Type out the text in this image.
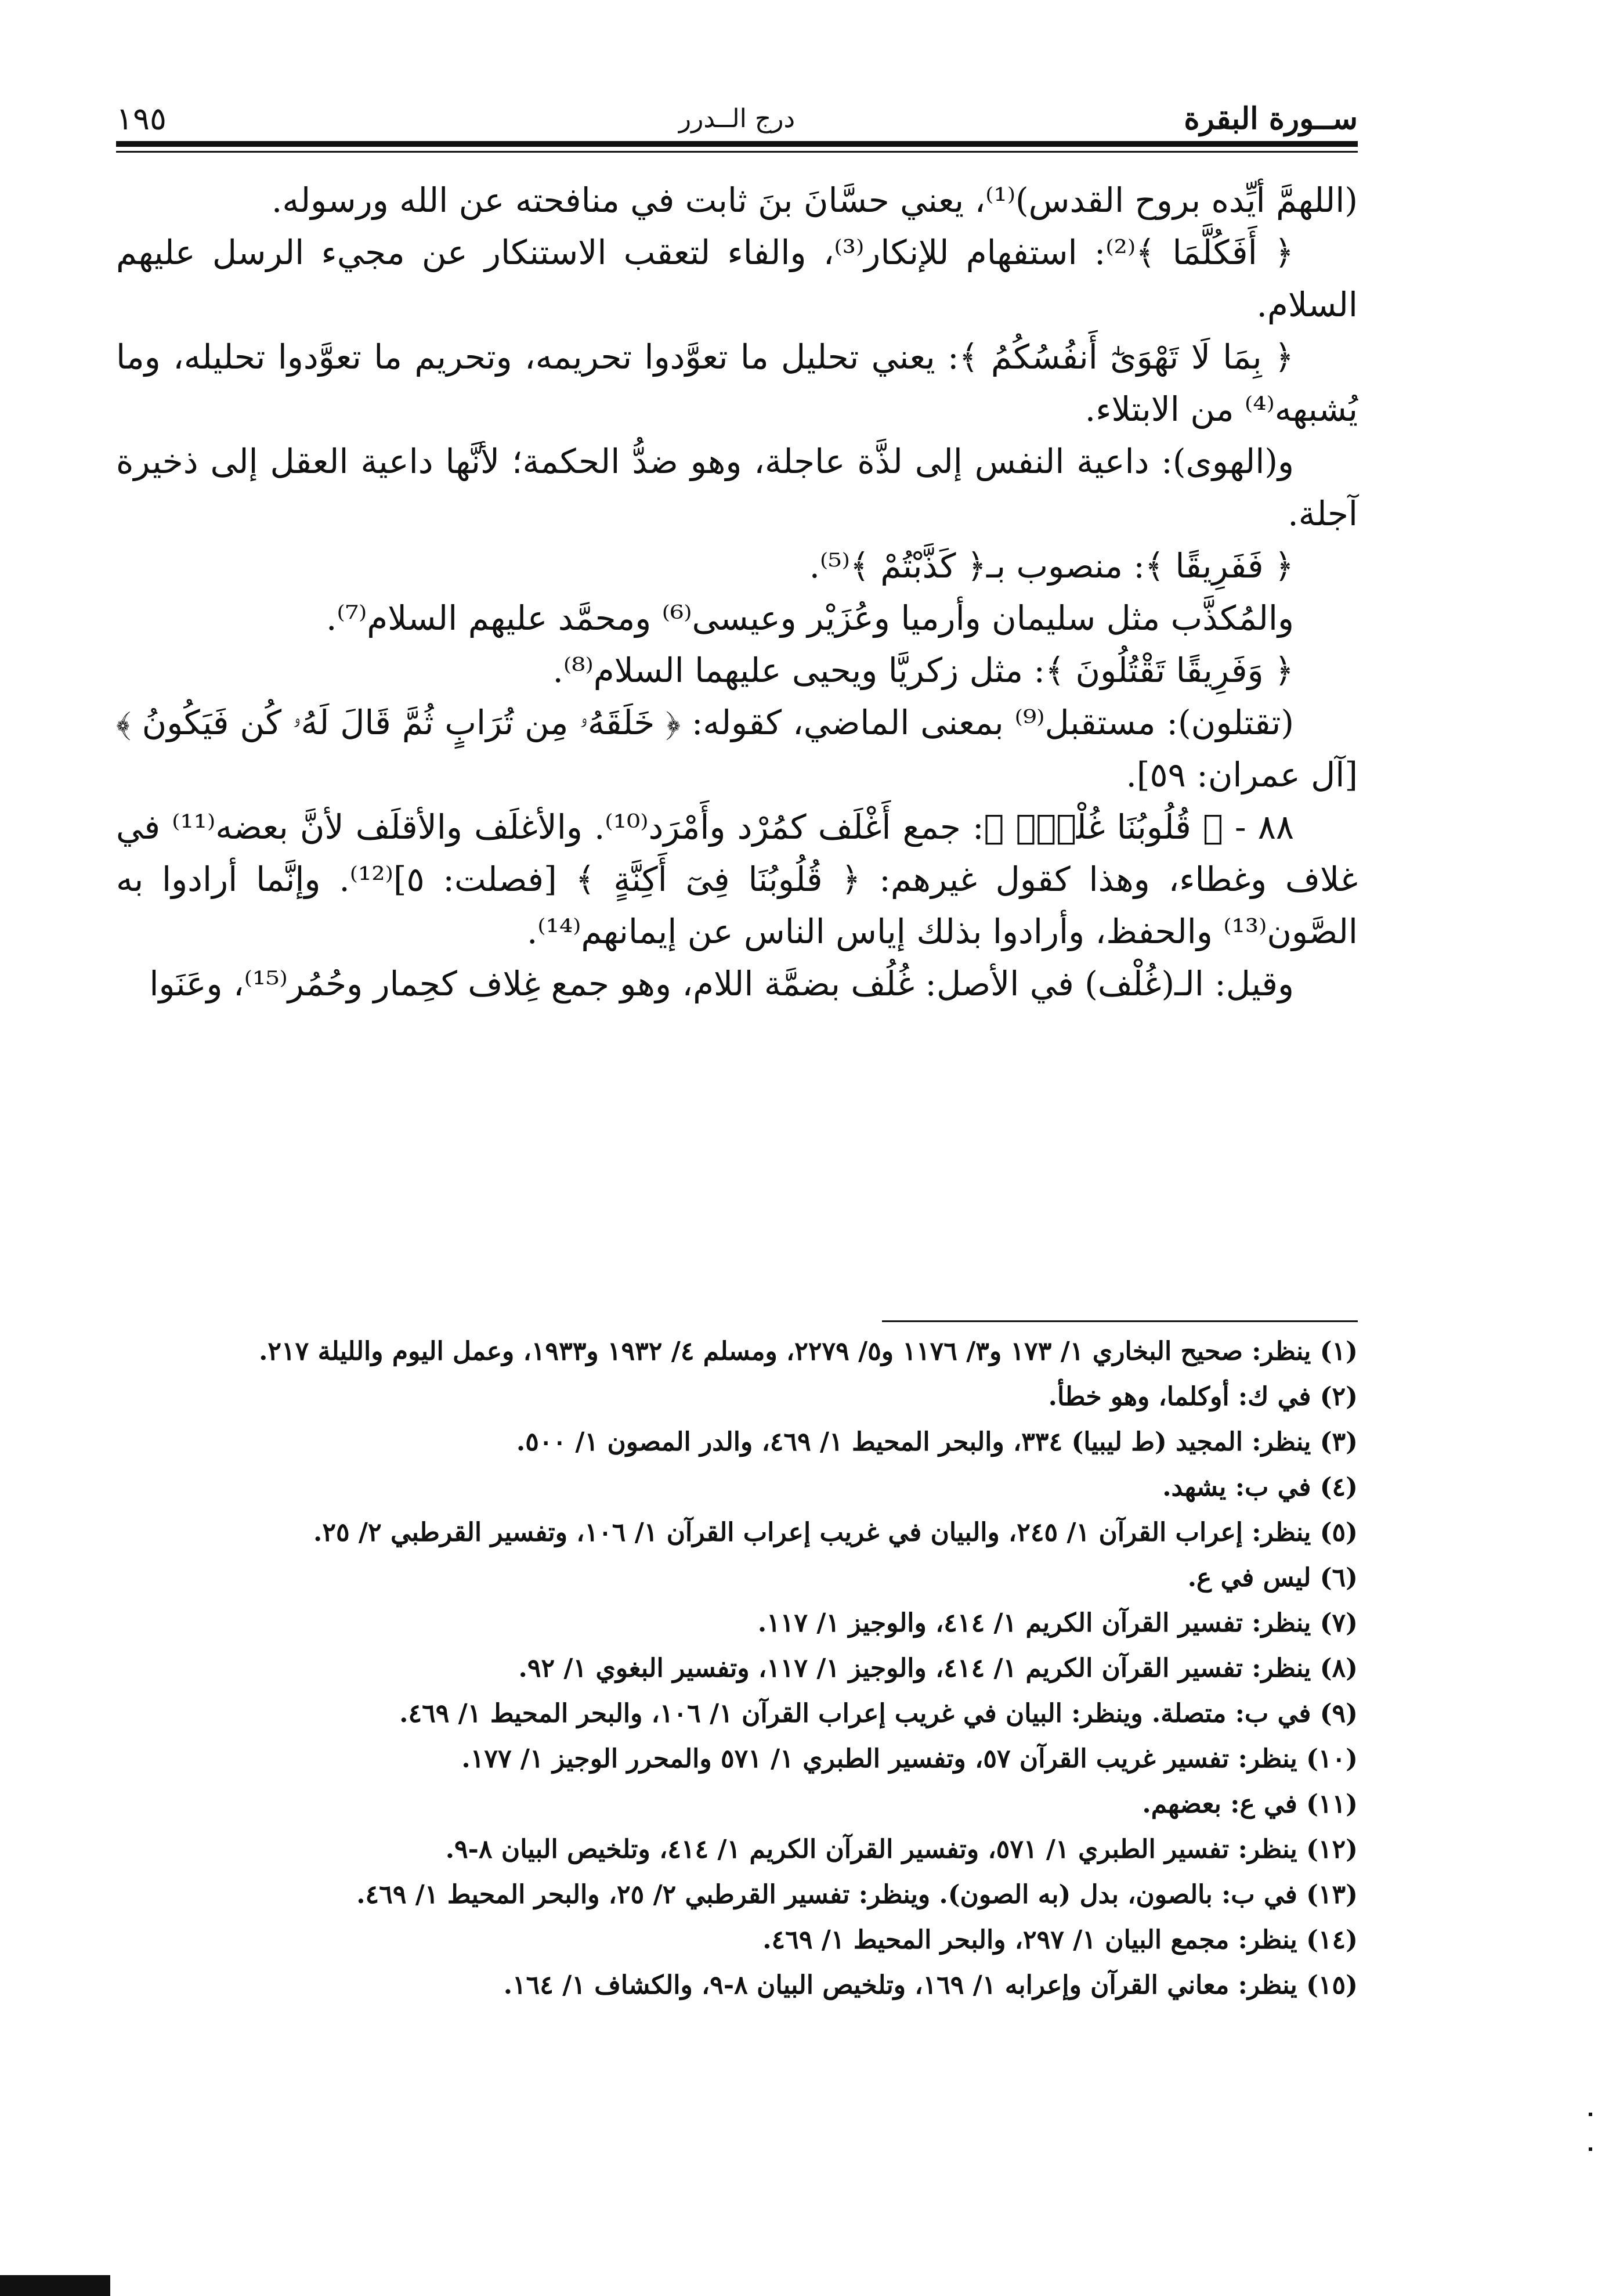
ســورة البقرة
درج الــدرر
١٩٥

(اللهمَّ أيِّده بروح القدس)⁽¹⁾، يعني حسَّانَ بنَ ثابت في منافحته عن الله ورسوله.

﴿ أَفَكُلَّمَا ﴾⁽²⁾: استفهام للإنكار⁽³⁾، والفاء لتعقب الاستنكار عن مجيء الرسل عليهم السلام.

﴿ بِمَا لَا تَهْوَىٰٓ أَنفُسُكُمُ ﴾: يعني تحليل ما تعوَّدوا تحريمه، وتحريم ما تعوَّدوا تحليله، وما يُشبهه⁽⁴⁾ من الابتلاء.

و(الهوى): داعية النفس إلى لذَّة عاجلة، وهو ضدُّ الحكمة؛ لأنَّها داعية العقل إلى ذخيرة آجلة.

﴿ فَفَرِيقًا ﴾: منصوب بـ﴿ كَذَّبْتُمْ ﴾⁽⁵⁾.

والمُكذَّب مثل سليمان وأرميا وعُزَيْر وعيسى⁽⁶⁾ ومحمَّد عليهم السلام⁽⁷⁾.

﴿ وَفَرِيقًا تَقْتُلُونَ ﴾: مثل زكريَّا ويحيى عليهما السلام⁽⁸⁾.

(تقتلون): مستقبل⁽⁹⁾ بمعنى الماضي، كقوله: ﴿ خَلَقَهُۥ مِن تُرَابٍ ثُمَّ قَالَ لَهُۥ كُن فَيَكُونُ ﴾ [آل عمران: ٥٩].

٨٨ - ﴿ قُلُوبُنَا غُلْفٌۢ ﴾: جمع أَغْلَف كمُرْد وأَمْرَد⁽¹⁰⁾. والأغلَف والأقلَف لأنَّ بعضه⁽¹¹⁾ في غلاف وغطاء، وهذا كقول غيرهم: ﴿ قُلُوبُنَا فِىٓ أَكِنَّةٍ ﴾ [فصلت: ٥]⁽¹²⁾. وإنَّما أرادوا به الصَّون⁽¹³⁾ والحفظ، وأرادوا بذلك إياس الناس عن إيمانهم⁽¹⁴⁾.

وقيل: الـ(غُلْف) في الأصل: غُلُف بضمَّة اللام، وهو جمع غِلاف كحِمار وحُمُر⁽¹⁵⁾، وعَنَوا

(١) ينظر: صحيح البخاري ١/ ١٧٣ و٣/ ١١٧٦ و٥/ ٢٢٧٩، ومسلم ٤/ ١٩٣٢ و١٩٣٣، وعمل اليوم والليلة ٢١٧.
(٢) في ك: أوكلما، وهو خطأ.
(٣) ينظر: المجيد (ط ليبيا) ٣٣٤، والبحر المحيط ١/ ٤٦٩، والدر المصون ١/ ٥٠٠.
(٤) في ب: يشهد.
(٥) ينظر: إعراب القرآن ١/ ٢٤٥، والبيان في غريب إعراب القرآن ١/ ١٠٦، وتفسير القرطبي ٢/ ٢٥.
(٦) ليس في ع.
(٧) ينظر: تفسير القرآن الكريم ١/ ٤١٤، والوجيز ١/ ١١٧.
(٨) ينظر: تفسير القرآن الكريم ١/ ٤١٤، والوجيز ١/ ١١٧، وتفسير البغوي ١/ ٩٢.
(٩) في ب: متصلة. وينظر: البيان في غريب إعراب القرآن ١/ ١٠٦، والبحر المحيط ١/ ٤٦٩.
(١٠) ينظر: تفسير غريب القرآن ٥٧، وتفسير الطبري ١/ ٥٧١ والمحرر الوجيز ١/ ١٧٧.
(١١) في ع: بعضهم.
(١٢) ينظر: تفسير الطبري ١/ ٥٧١، وتفسير القرآن الكريم ١/ ٤١٤، وتلخيص البيان ٨-٩.
(١٣) في ب: بالصون، بدل (به الصون). وينظر: تفسير القرطبي ٢/ ٢٥، والبحر المحيط ١/ ٤٦٩.
(١٤) ينظر: مجمع البيان ١/ ٢٩٧، والبحر المحيط ١/ ٤٦٩.
(١٥) ينظر: معاني القرآن وإعرابه ١/ ١٦٩، وتلخيص البيان ٨-٩، والكشاف ١/ ١٦٤.
